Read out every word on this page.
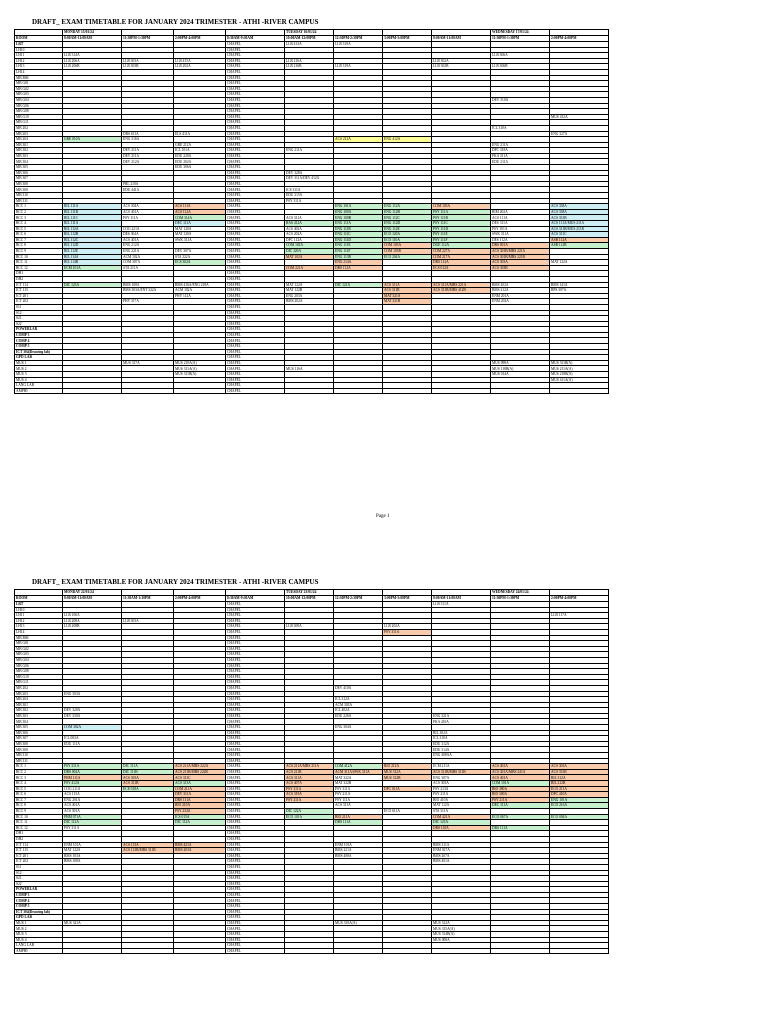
DRAFT_ EXAM TIMETABLE FOR JANUARY 2024 TRIMESTER - ATHI -RIVER CAMPUS
	MONDAY 15/01/24				TUESDAY 16/01/24				WEDNESDAY 17/01/24	
ROOM	8:00AM-11:00AM	11:30PM-1:30PM	2:00PM-4:00PM	8:30AM-9:30AM	10:00AM-12:00PM	12:30PM-2:30PM	3:00PM-5:00PM	8:00AM-11:00AM	11:30PM-1:30PM	2:00PM-4:00PM
LRT				CHAPEL	LLB 413A	LLB 319A				
LH10				CHAPEL						
LH11	LLB 314A			CHAPEL					LLB 306A	
LH12	LLB 206A	LLB 303A	LLB 415A	CHAPEL	LLB 216A			LLB 302A		
LH13	LLB 206B	LLB 303B	LLB 202A	CHAPEL	LLB 216B	LLB 319A		LLB 302B	LLB 306B	
LH14				CHAPEL						
MB B06				CHAPEL						
MB G01				CHAPEL						
MB G02				CHAPEL						
MB G03				CHAPEL						
MB G04				CHAPEL					DEV 310A	
MB G06				CHAPEL						
MB G08				CHAPEL						
MB G10				CHAPEL						MUS 412A
MB G11				CHAPEL						
MB 202				CHAPEL					ICL 310A	
MB 203		DRS 611A	ELS 411A	CHAPEL						ENG 327A
MB 204	GRE 010A	ENG 316A		CHAPEL		ACS 212A	ENG 412A			
MB 301			GRE 212A	CHAPEL					ENG 211A	
MB 302		DEV 211A	ICL 101A	CHAPEL	ENG 211A				DPC 318A	
MB 303		DEV 211A	EDU 220A	CHAPEL					PKA 311A	
MB 304		DEV 212A	EDU 202A	CHAPEL					EDU 211A	
MB 305			EDU 306A	CHAPEL						
MB 306				CHAPEL	DEV 328A					
MB 307				CHAPEL	DEV 311A/DEV 412A					
MB 308		PRL 210A		CHAPEL						
MB 309		EDU 441A		CHAPEL	ICS 311A					
MB 310				CHAPEL	EDU 215A					
MB 311				CHAPEL	PSY 311A					
BCC 1	BIL 111A	ACS 304A	ACS 111A	CHAPEL		ENG 101A	ENG 112A	COM 103A		ACS 338A
BCC 2	BIL 111B	ACS 401A	ACS 112A	CHAPEL		ENG 100A	ENG 112B	PSY 111A	BIM 202A	ACS 338A
BCC 3	BIL 111C	PSY 111A	COM 314A	CHAPEL	ACS 311A	ENG 100B	ENG 112C	PSY 111B	ACS 111A	ACS 331B
BCC 4	BIL 111A		DEC 111A	CHAPEL	RAS 412A	ENG 111A	ENG 112D	PSY 111C	DES 311A	ACS 111A/MUS 211A
BCC 5	BIL 112A	COG 221A	MAT 120A	CHAPEL	ACS 402A	ENG 111B	ENG 112E	PSY 111D	PSY 101A	ACS 311B/MUS 211B
BCC 6	BIL 112B	DES 304A	MAT 120A	CHAPEL	ACS 202A	ENG 111C	ECO 120A	PSY 111E	SWK 311A	ACS 311C
BCC 7	BIL 112C	ACS 401A	SWK 311A	CHAPEL	DPC 112A	ENG 111D	ECO 110A	PSY 111F	DES 112A	ASB 112A
BCC 8	BIL 112D	ENG 212A		CHAPEL	COM 102A	ENG 111E	COM 103A	DGE 112A	DRS 001A	ASB 112B
BCC 9	BIL 112E	ENG 221A	DEV 307A	CHAPEL	DIC 320A	ENG 111F	COM 103B	COM 227A	ACS 301B/MBS 221A	
BCC 10	BIL 114A	ACM 102A	STA 222A	CHAPEL	MAT 102A	ENG 113B	ECO 204A	COM 217A	ACS 301B/MBS 221B	
BCC 11	BIL 114B	COM 307A	ECS 302A	CHAPEL		ENG 214A		DRS 112A	ACS 303A	MAT 122A
BCC 12	ECM 101A	STA 211A		CHAPEL	COM 221A	DRS 112A		ECS 012A	ACS 303B	
DH1				CHAPEL						
DH2				CHAPEL						
ICT 114	DIC 123A	BMS 108A	BMS 416A/ENG 218A	CHAPEL	MAT 122A	DIC 121A	ACS 311A	ACS 311A/MBS 221A	BMS 202A	BMS 141A
ICT 115		BMS 303A/ENT 322A	ACM 102A	CHAPEL	MAT 122B		ACS 311B	ACS 311B/MBS 412B	BMS 212A	BPS 307A
ICT 201			PHY 112A	CHAPEL	ENG 203A		MAT 321A		ENM 201A	
ICT 202		PHY 317A		CHAPEL	BMS 202A		MAT 321B		ENM 202A	
S11				CHAPEL						
S12				CHAPEL						
S21				CHAPEL						
S22				CHAPEL						
POWERLAB				CHAPEL						
COMP 3				CHAPEL						
COMP 4				CHAPEL						
COMP 5				CHAPEL						
ICT 304(Drawing lab)				CHAPEL						
GPD LAB				CHAPEL						
MUS 1		MUS 317A	MUS 210A(A)	CHAPEL					MUS 098A	MUS 311B(A)
MUS 2			MUS 311A(A)	CHAPEL	MUS 116A				MUS 118B(A)	MUS 211A(A)
MUS 3			MUS 311B(A)	CHAPEL					MUS 014A	MUS 218B(A)
MUS 4				CHAPEL						MUS 411A(A)
LANG LAB				CHAPEL						
AMPHI				CHAPEL						
DRAFT_ EXAM TIMETABLE FOR JANUARY 2024 TRIMESTER - ATHI -RIVER CAMPUS
	MONDAY 22/01/24				TUESDAY 23/01/24				WEDNESDAY 24/01/24	
ROOM	8:00AM-11:00AM	11:30AM-1:30PM	2:00PM-4:00PM	8:30AM-9:30AM	10:00AM-12:00PM	12:30PM-2:30PM	3:00PM-5:00PM	8:00AM-11:00AM	11:30PM-1:30PM	2:00PM-4:00PM
LRT				CHAPEL				LLB 311A		
LH10				CHAPEL						
LH11	LLB 106A			CHAPEL						LLB 117A
LH12	LLB 208A	LLB 303A		CHAPEL						
LH13	LLB 208B			CHAPEL	LLB 308A		LLB 202A			
LH14				CHAPEL			PSY 311A			
MB B06				CHAPEL						
MB G01				CHAPEL						
MB G02				CHAPEL						
MB G03				CHAPEL						
MB G04				CHAPEL						
MB G06				CHAPEL						
MB G08				CHAPEL						
MB G10				CHAPEL						
MB G11				CHAPEL						
MB 202				CHAPEL		DEV 410A				
MB 203	ENG 303A			CHAPEL						
MB 204				CHAPEL		ICL 312A				
MB 301				CHAPEL		ACM 303A				
MB 302	DEV 320A			CHAPEL		ICL 402A				
MB 303	DEV 330A			CHAPEL		EDU 226A		ENG 321A		
MB 304				CHAPEL				PKA 410A		
MB 305	COM 302A			CHAPEL		ENG 304A				
MB 306				CHAPEL				BIL 302A		
MB 307	ICL 003A			CHAPEL				ICL 310A		
MB 308	EDU 111A			CHAPEL				EDU 312A		
MB 309				CHAPEL				EDU 314A		
MB 310				CHAPEL				ENG 408AA		
MB 311				CHAPEL						
BCC 1	PSY 211A	DIC 111A	ACS 211A/MBS 222A	CHAPEL	ACS 211A/MBS 211A	COM 412A	BIO 212A	ECM 211A	ACS 401A	ACS 303A
BCC 2	DRS 002A	DIC 111B	ACS 211B/MBS 222B	CHAPEL	ACS 211B	ACM 311A/SWK 311A	MUS 312A	ACS 311B/MBS 311B	ACS 401A/MBS 241A	ACS 331B
BCC 3	PHM 111A	ACS 303A	ACS 313C	CHAPEL	ACS 311A	MAT 322A	MUS 312B	ENG 307A	ACS 401A	BIL 312A
BCC 4	PSY 412A	ACS 311B	ACS 313A	CHAPEL	ACS 407A	MAT 322B		ACS 303A	COM 101A	BIL 212B
BCC 5	COG 211A	ECE 018A	COM 211A	CHAPEL	PSY 311A	PSY 311A	DPC 011A	PSY 213A	BIO 380A	ECO 211A
BCC 6	ACS 115A		DEV 311A	CHAPEL	ACS 319A	PSY 211A		PSY 211A	BIO 300A	DPC 410A
BCC 7	ENG 201A		DRS 111A	CHAPEL	PSY 211A	PSY 111A		BIO 410A	PSY 211A	ENG 101A
BCC 8	ACS 401A		BIO 210A	CHAPEL		ACS 311A		MAT 112A	DEC 111A	ECO 216A
BCC 9	ACS 301A		PSY 234A	CHAPEL	DIC 122A		ECO 611A	STA 311A		
BCC 10	PHM 071A		ICS 015A	CHAPEL	ECO 101A	BIO 211A		COM 421A	ECO 067A	ECO 004A
BCC 11	DIC 112A		DIC 112A	CHAPEL		DRS 111A		DIC 123A		
BCC 12	PSY 311A			CHAPEL				DRS 110A	DRS 111A	
DH1				CHAPEL						
DH2				CHAPEL						
ICT 114	ENM 101A	ACS 113A	BMS 421A	CHAPEL		ENM 103A		BMS 311A		
ICT 115	MAT 122A	ACS 113B/MBS 311B	BMS 203A	CHAPEL		BMS 221A		ENM 027A		
ICT 201	BMS 103A			CHAPEL		BMS 408A		BMS 207A		
ICT 202	BMS 108A			CHAPEL				BMS 401A		
S11				CHAPEL						
S12				CHAPEL						
S21				CHAPEL						
S22				CHAPEL						
POWERLAB				CHAPEL						
COMP 3				CHAPEL						
COMP 4				CHAPEL						
COMP 5				CHAPEL						
ICT 304(Drawing lab)				CHAPEL						
GPD LAB				CHAPEL						
MUS 1	MUS 321A			CHAPEL		MUS 310A(A)		MUS 312A		
MUS 2				CHAPEL				MUS 315A(A)		
MUS 3				CHAPEL				MUS 314B(A)		
MUS 4				CHAPEL				MUS 008A		
LANG LAB				CHAPEL						
AMPHI				CHAPEL						
Page 1
